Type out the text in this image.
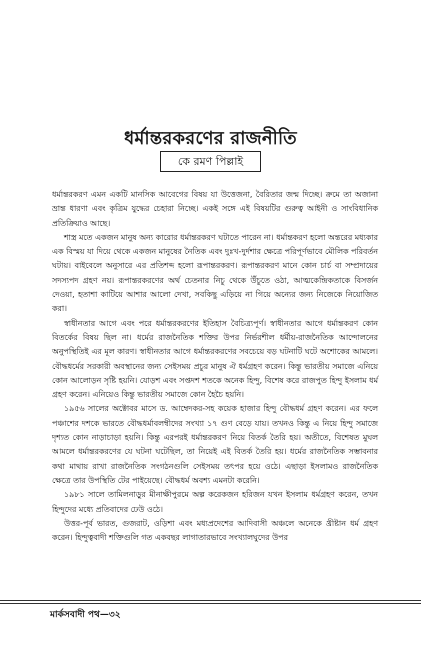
ধর্মান্তরকরণের রাজনীতি
কে রমণ পিল্লাই

ধর্মান্তরকরণ এমন একটি মানসিক আবেগের বিষয় যা উত্তেজনা, বৈরিতার জন্ম দিচ্ছে। ক্রমে তা অজানা ভ্রান্ত ধারণা এবং কৃত্রিম যুদ্ধের চেহারা নিচ্ছে। একই সঙ্গে এই বিষয়টির গুরুত্ব আইনী ও সাংবিধানিক প্রতিক্রিয়াও আছে।

শাস্ত্র মতে একজন মানুষ অন্য কারোর ধর্মান্তরকরণ ঘটাতে পারেন না। ধর্মান্তকরণ হলো অন্তরের মধ্যকার এক বিস্ময় যা দিয়ে থেকে একজন মানুষের নৈতিক এবং দুঃখ-দুর্দশার ক্ষেত্রে পরিপূর্ণভাবে মৌলিক পরিবর্তন ঘটায়। বাইবেলে অনুসারে এর প্রতিশব্দ হলো রূপান্তরকরণ। রূপান্তরকরণ মানে কোন চার্চ বা সম্প্রদায়ের সদস্যপদ গ্রহণ নয়। রূপান্তরকরণের অর্থ চেতনার নিচু থেকে উঁচুতে ওঠা, আত্মকেন্দ্রিকতাকে বিসর্জন দেওয়া, হতাশা কাটিয়ে আশার আলো দেখা, সবকিছু এড়িয়ে না গিয়ে অন্যের জন্য নিজেকে নিয়োজিত করা।

স্বাধীনতার আগে এবং পরে ধর্মান্তরকরণের ইতিহাস বৈচিত্র্যপূর্ণ। স্বাধীনতার আগে ধর্মান্তকরণ কোন বিতর্কের বিষয় ছিল না। ধর্মের রাজনৈতিক শক্তির উপর নির্ভরশীল ধর্মীয়-রাজনৈতিক আন্দোলনের অনুপস্থিতিই এর মূল কারণ। স্বাধীনতার আগে ধর্মান্তরকরণের সবচেয়ে বড় ঘটনাটি ঘটে অশোকের আমলে। বৌদ্ধধর্মের সরকারী অবস্থানের জন্য সেইসময় প্রচুর মানুষ ঐ ধর্মগ্রহণ করেন। কিন্তু ভারতীয় সমাজে এনিয়ে কোন আলোড়ন সৃষ্টি হয়নি। যোড়শ এবং সপ্তদশ শতকে অনেক হিন্দু, বিশেষ করে রাজপুত হিন্দু ইসলাম ধর্ম গ্রহণ করেন। এনিয়েও কিন্তু ভারতীয় সমাজে কোন হৈচৈ হয়নি।

১৯৫৬ সালের অক্টোবর মাসে ড. আম্বেদকর-সহ কয়েক হাজার হিন্দু বৌদ্ধধর্ম গ্রহণ করেন। এর ফলে পঞ্চাশের দশকে ভারতে বৌদ্ধধর্মাবলম্বীদের সংখ্যা ১৭ গুণ বেড়ে যায়। তখনও কিন্তু এ নিয়ে হিন্দু সমাজে দৃশ্যত কোন নাড়াচাড়া হয়নি। কিন্তু এরপরই ধর্মান্তরকরণ নিয়ে বিতর্ক তৈরি হয়। অতীতে, বিশেষত মুঘল আমলে ধর্মান্তরকরণের যে ঘটনা ঘটেছিল, তা নিয়েই এই বিতর্ক তৈরি হয়। ধর্মের রাজনৈতিক সম্ভাবনার কথা মাথায় রাখা রাজনৈতিক সংগঠনগুলি সেইসময় তৎপর হয়ে ওঠে। এছাড়া ইসলামও রাজনৈতিক ক্ষেত্রে তার উপস্থিতি টের পাইয়েছে। বৌদ্ধধর্ম অবশ্য এমনটা করেনি।

১৯৮১ সালে তামিলনাড়ুর মীনাক্ষীপুরমে অল্প করেকজন হরিজন যখন ইসলাম ধর্মগ্রহণ করেন, তখন হিন্দুদের মধ্যে প্রতিবাদের ঢেউ ওঠে।

উত্তর-পূর্ব ভারত, গুজরাট, ওড়িশা এবং মধ্যপ্রদেশের আদিবাসী অঞ্চলে অনেকে খ্রীষ্টান ধর্ম গ্রহণ করেন। হিন্দুত্ববাদী শক্তিগুলি গত একবছর লাগাতারভাবে সংখ্যালঘুদের উপর

মার্কসবাদী পথ—৩২
